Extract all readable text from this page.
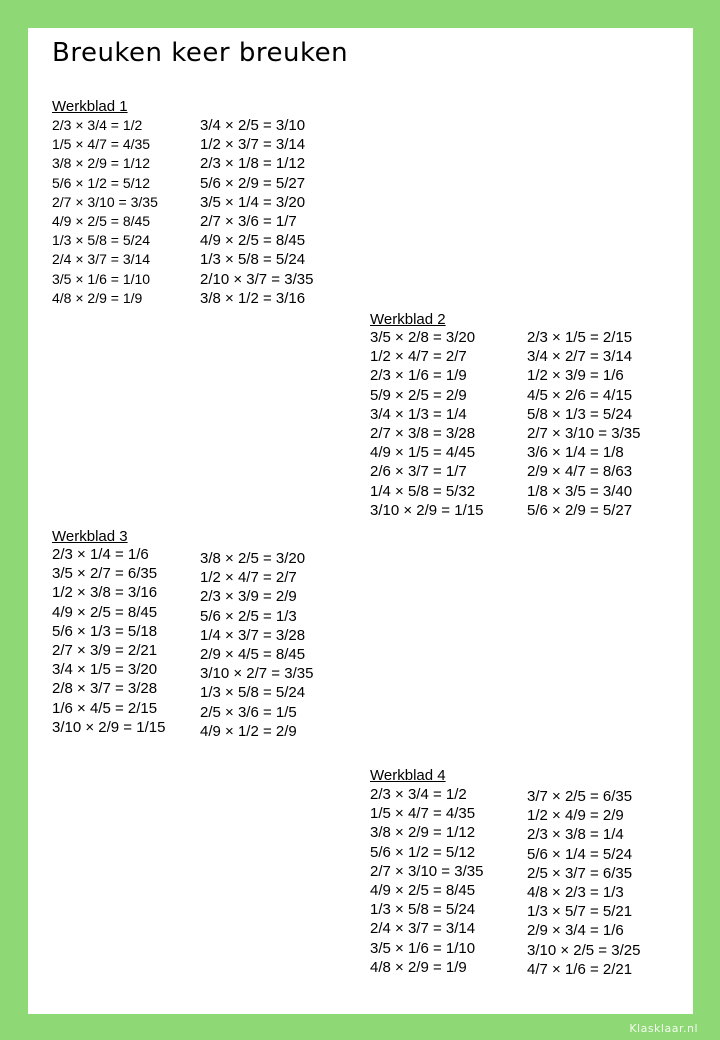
Breuken keer breuken
Werkblad 1
2/3 × 3/4 = 1/2
1/5 × 4/7 = 4/35
3/8 × 2/9 = 1/12
5/6 × 1/2 = 5/12
2/7 × 3/10 = 3/35
4/9 × 2/5 = 8/45
1/3 × 5/8 = 5/24
2/4 × 3/7 = 3/14
3/5 × 1/6 = 1/10
4/8 × 2/9 = 1/9
3/4 × 2/5 = 3/10
1/2 × 3/7 = 3/14
2/3 × 1/8 = 1/12
5/6 × 2/9 = 5/27
3/5 × 1/4 = 3/20
2/7 × 3/6 = 1/7
4/9 × 2/5 = 8/45
1/3 × 5/8 = 5/24
2/10 × 3/7 = 3/35
3/8 × 1/2 = 3/16
Werkblad 2
3/5 × 2/8 = 3/20
1/2 × 4/7 = 2/7
2/3 × 1/6 = 1/9
5/9 × 2/5 = 2/9
3/4 × 1/3 = 1/4
2/7 × 3/8 = 3/28
4/9 × 1/5 = 4/45
2/6 × 3/7 = 1/7
1/4 × 5/8 = 5/32
3/10 × 2/9 = 1/15
2/3 × 1/5 = 2/15
3/4 × 2/7 = 3/14
1/2 × 3/9 = 1/6
4/5 × 2/6 = 4/15
5/8 × 1/3 = 5/24
2/7 × 3/10 = 3/35
3/6 × 1/4 = 1/8
2/9 × 4/7 = 8/63
1/8 × 3/5 = 3/40
5/6 × 2/9 = 5/27
Werkblad 3
2/3 × 1/4 = 1/6
3/5 × 2/7 = 6/35
1/2 × 3/8 = 3/16
4/9 × 2/5 = 8/45
5/6 × 1/3 = 5/18
2/7 × 3/9 = 2/21
3/4 × 1/5 = 3/20
2/8 × 3/7 = 3/28
1/6 × 4/5 = 2/15
3/10 × 2/9 = 1/15
3/8 × 2/5 = 3/20
1/2 × 4/7 = 2/7
2/3 × 3/9 = 2/9
5/6 × 2/5 = 1/3
1/4 × 3/7 = 3/28
2/9 × 4/5 = 8/45
3/10 × 2/7 = 3/35
1/3 × 5/8 = 5/24
2/5 × 3/6 = 1/5
4/9 × 1/2 = 2/9
Werkblad 4
2/3 × 3/4 = 1/2
1/5 × 4/7 = 4/35
3/8 × 2/9 = 1/12
5/6 × 1/2 = 5/12
2/7 × 3/10 = 3/35
4/9 × 2/5 = 8/45
1/3 × 5/8 = 5/24
2/4 × 3/7 = 3/14
3/5 × 1/6 = 1/10
4/8 × 2/9 = 1/9
3/7 × 2/5 = 6/35
1/2 × 4/9 = 2/9
2/3 × 3/8 = 1/4
5/6 × 1/4 = 5/24
2/5 × 3/7 = 6/35
4/8 × 2/3 = 1/3
1/3 × 5/7 = 5/21
2/9 × 3/4 = 1/6
3/10 × 2/5 = 3/25
4/7 × 1/6 = 2/21
Klasklaar.nl
